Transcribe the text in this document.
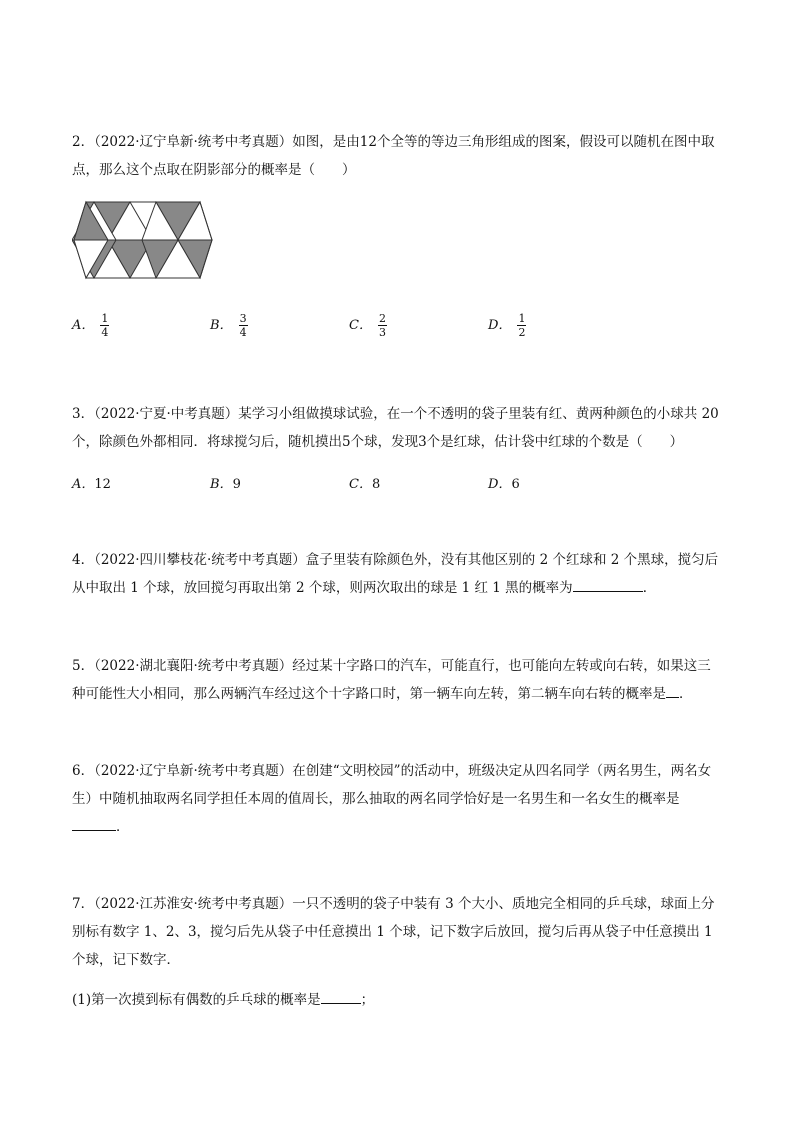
2．（2022·辽宁阜新·统考中考真题）如图，是由12个全等的等边三角形组成的图案，假设可以随机在图中取
点，那么这个点取在阴影部分的概率是（　　）
A． $\frac{1}{4}$	B． $\frac{3}{4}$	C． $\frac{2}{3}$	D． $\frac{1}{2}$
3．（2022·宁夏·中考真题）某学习小组做摸球试验，在一个不透明的袋子里装有红、黄两种颜色的小球共 20
个，除颜色外都相同．将球搅匀后，随机摸出5个球，发现3个是红球，估计袋中红球的个数是（　　）
A．12	B．9	C．8	D．6
4．（2022·四川攀枝花·统考中考真题）盒子里装有除颜色外，没有其他区别的 2 个红球和 2 个黑球，搅匀后
从中取出 1 个球，放回搅匀再取出第 2 个球，则两次取出的球是 1 红 1 黑的概率为	．
5．（2022·湖北襄阳·统考中考真题）经过某十字路口的汽车，可能直行，也可能向左转或向右转，如果这三
种可能性大小相同，那么两辆汽车经过这个十字路口时，第一辆车向左转，第二辆车向右转的概率是 ．
6．（2022·辽宁阜新·统考中考真题）在创建“文明校园”的活动中，班级决定从四名同学（两名男生，两名女
生）中随机抽取两名同学担任本周的值周长，那么抽取的两名同学恰好是一名男生和一名女生的概率是
．
7．（2022·江苏淮安·统考中考真题）一只不透明的袋子中装有 3 个大小、质地完全相同的乒乓球，球面上分
别标有数字 1、2、3，搅匀后先从袋子中任意摸出 1 个球，记下数字后放回，搅匀后再从袋子中任意摸出 1
个球，记下数字．
(1)第一次摸到标有偶数的乒乓球的概率是	；
